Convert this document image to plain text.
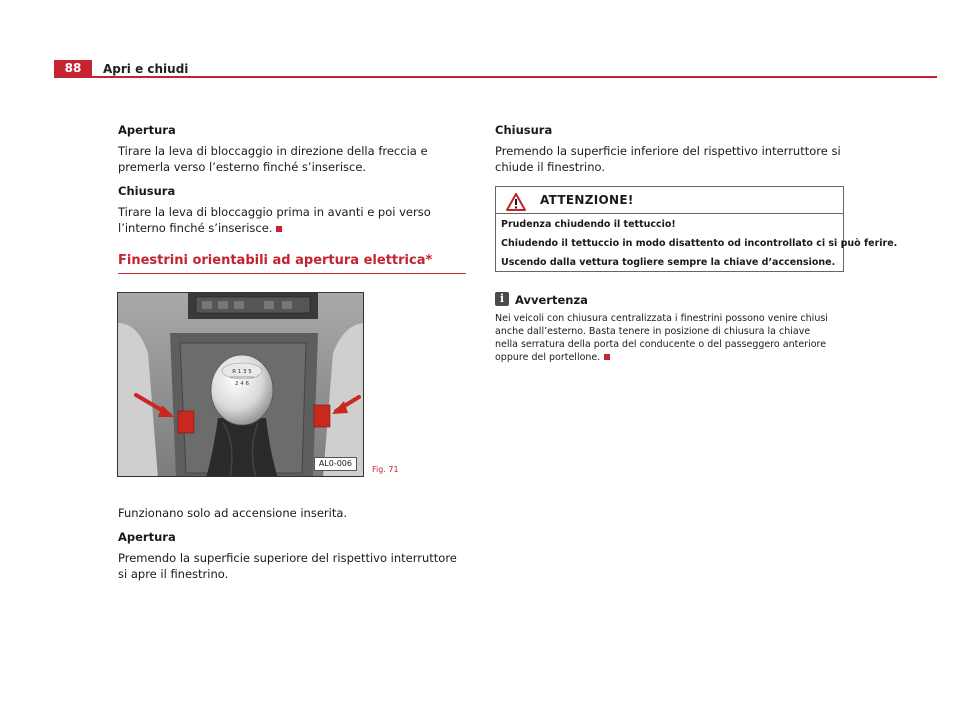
88	Apri e chiudi
Apertura

Tirare la leva di bloccaggio in direzione della freccia e premerla verso l’esterno finché s’inserisce.

Chiusura

Tirare la leva di bloccaggio prima in avanti e poi verso l’interno finché s’inserisce.

Finestrini orientabili ad apertura elettrica*
R 1 3 5
2 4 6
AL0-006
Fig. 71

Funzionano solo ad accensione inserita.

Apertura

Premendo la superficie superiore del rispettivo interruttore si apre il finestrino.

Chiusura

Premendo la superficie inferiore del rispettivo interruttore si chiude il finestrino.

ATTENZIONE!
Prudenza chiudendo il tettuccio!
Chiudendo il tettuccio in modo disattento od incontrollato ci si può ferire.
Uscendo dalla vettura togliere sempre la chiave d’accensione.
i Avvertenza
Nei veicoli con chiusura centralizzata i finestrini possono venire chiusi anche dall’esterno. Basta tenere in posizione di chiusura la chiave nella serratura della porta del conducente o del passeggero anteriore oppure del portellone.
